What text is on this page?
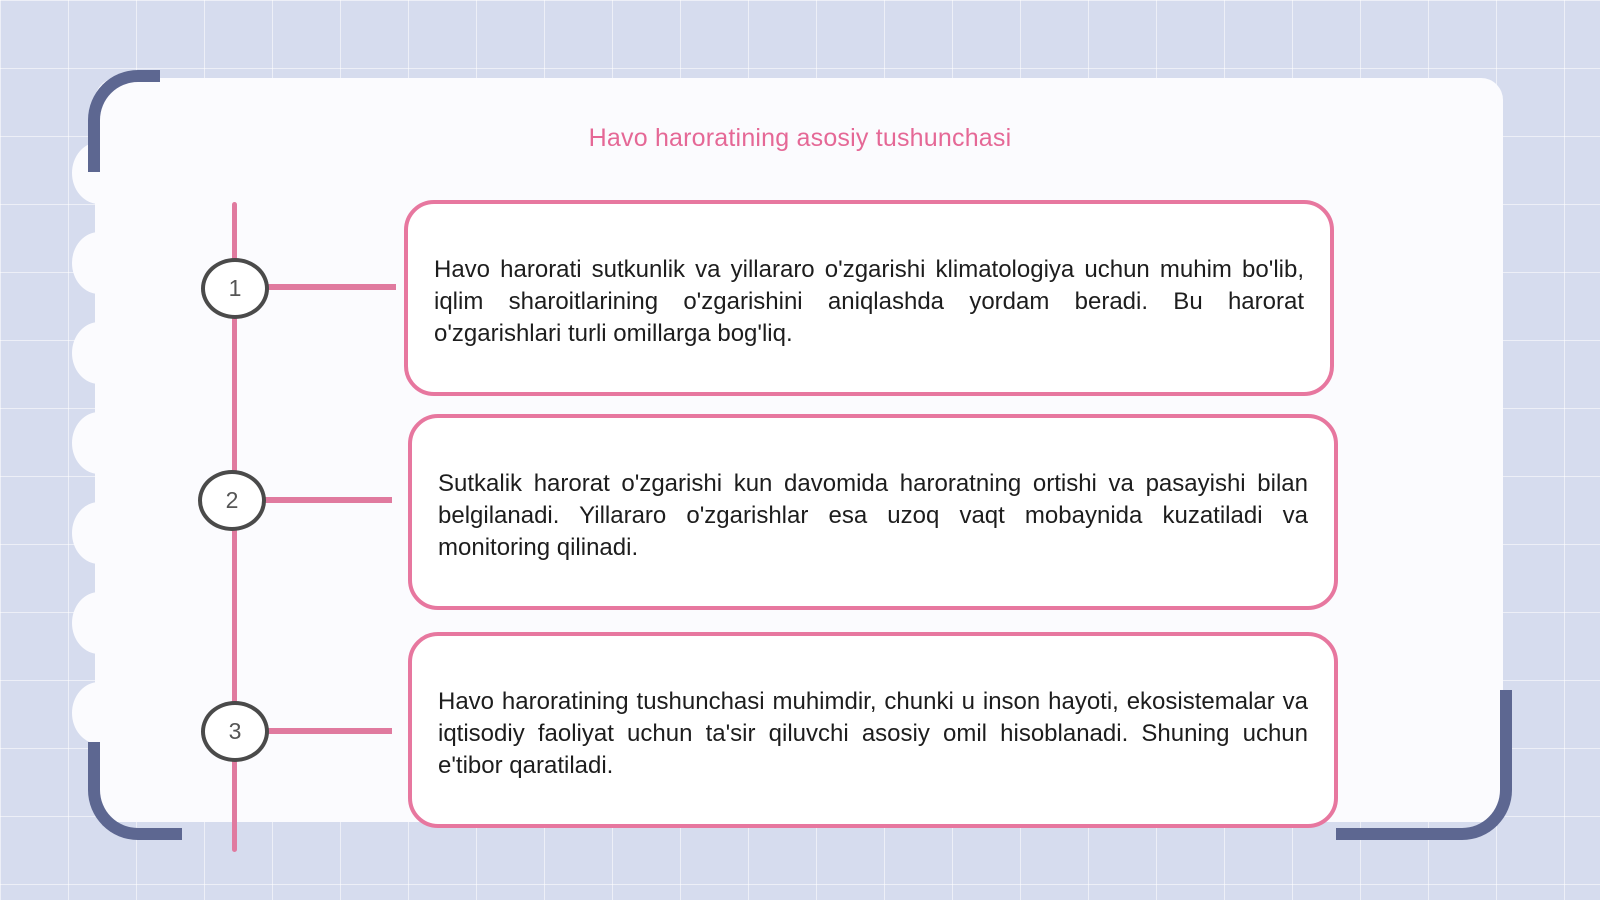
Havo haroratining asosiy tushunchasi
1
2
3

Havo harorati sutkunlik va yillararo o'zgarishi klimatologiya uchun muhim bo'lib, iqlim sharoitlarining o'zgarishini aniqlashda yordam beradi. Bu harorat o'zgarishlari turli omillarga bog'liq.

Sutkalik harorat o'zgarishi kun davomida haroratning ortishi va pasayishi bilan belgilanadi. Yillararo o'zgarishlar esa uzoq vaqt mobaynida kuzatiladi va monitoring qilinadi.

Havo haroratining tushunchasi muhimdir, chunki u inson hayoti, ekosistemalar va iqtisodiy faoliyat uchun ta'sir qiluvchi asosiy omil hisoblanadi. Shuning uchun e'tibor qaratiladi.
